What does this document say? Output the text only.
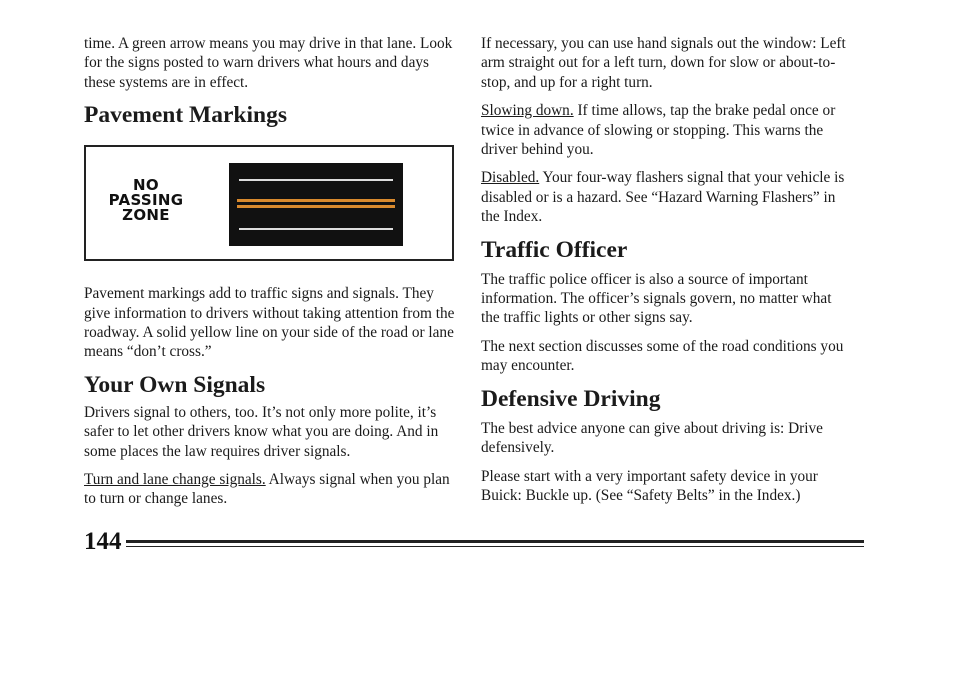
time. A green arrow means you may drive in that lane. Look for the signs posted to warn drivers what hours and days these systems are in effect.

Pavement Markings
NO
PASSING
ZONE

Pavement markings add to traffic signs and signals. They give information to drivers without taking attention from the roadway. A solid yellow line on your side of the road or lane means “don’t cross.”

Your Own Signals

Drivers signal to others, too. It’s not only more polite, it’s safer to let other drivers know what you are doing. And in some places the law requires driver signals.

Turn and lane change signals. Always signal when you plan to turn or change lanes.

If necessary, you can use hand signals out the window: Left arm straight out for a left turn, down for slow or about-to-stop, and up for a right turn.

Slowing down. If time allows, tap the brake pedal once or twice in advance of slowing or stopping. This warns the driver behind you.

Disabled. Your four-way flashers signal that your vehicle is disabled or is a hazard. See “Hazard Warning Flashers” in the Index.

Traffic Officer

The traffic police officer is also a source of important information. The officer’s signals govern, no matter what the traffic lights or other signs say.

The next section discusses some of the road conditions you may encounter.

Defensive Driving

The best advice anyone can give about driving is: Drive defensively.

Please start with a very important safety device in your Buick: Buckle up. (See “Safety Belts” in the Index.)

144
